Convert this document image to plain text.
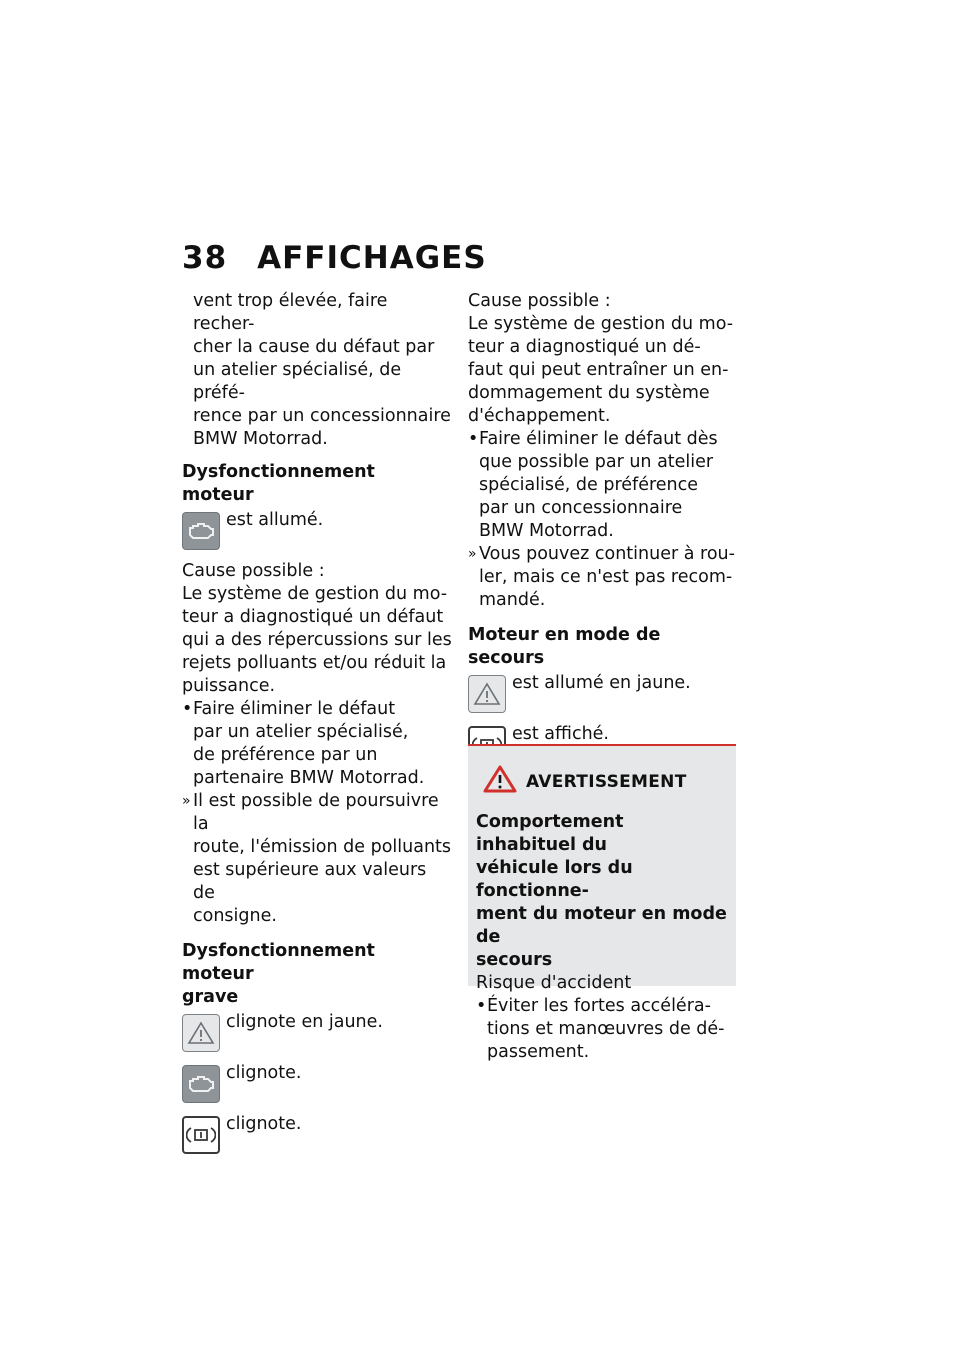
38 AFFICHAGES

vent trop élevée, faire recher-

cher la cause du défaut par

un atelier spécialisé, de préfé-

rence par un concessionnaire

BMW Motorrad.

Dysfonctionnement moteur

est allumé.

Cause possible :

Le système de gestion du mo-

teur a diagnostiqué un défaut

qui a des répercussions sur les

rejets polluants et/ou réduit la

puissance.

• Faire éliminer le défaut

par un atelier spécialisé,

de préférence par un

partenaire BMW Motorrad.

» Il est possible de poursuivre la

route, l'émission de polluants

est supérieure aux valeurs de

consigne.

Dysfonctionnement moteur

grave

clignote en jaune.
clignote.
clignote.

Cause possible :

Le système de gestion du mo-

teur a diagnostiqué un dé-

faut qui peut entraîner un en-

dommagement du système

d'échappement.

• Faire éliminer le défaut dès

que possible par un atelier

spécialisé, de préférence

par un concessionnaire

BMW Motorrad.

» Vous pouvez continuer à rou-

ler, mais ce n'est pas recom-

mandé.

Moteur en mode de secours

est allumé en jaune.
est affiché.
AVERTISSEMENT

Comportement inhabituel du

véhicule lors du fonctionne-

ment du moteur en mode de

secours

Risque d'accident

• Éviter les fortes accéléra-

tions et manœuvres de dé-

passement.
